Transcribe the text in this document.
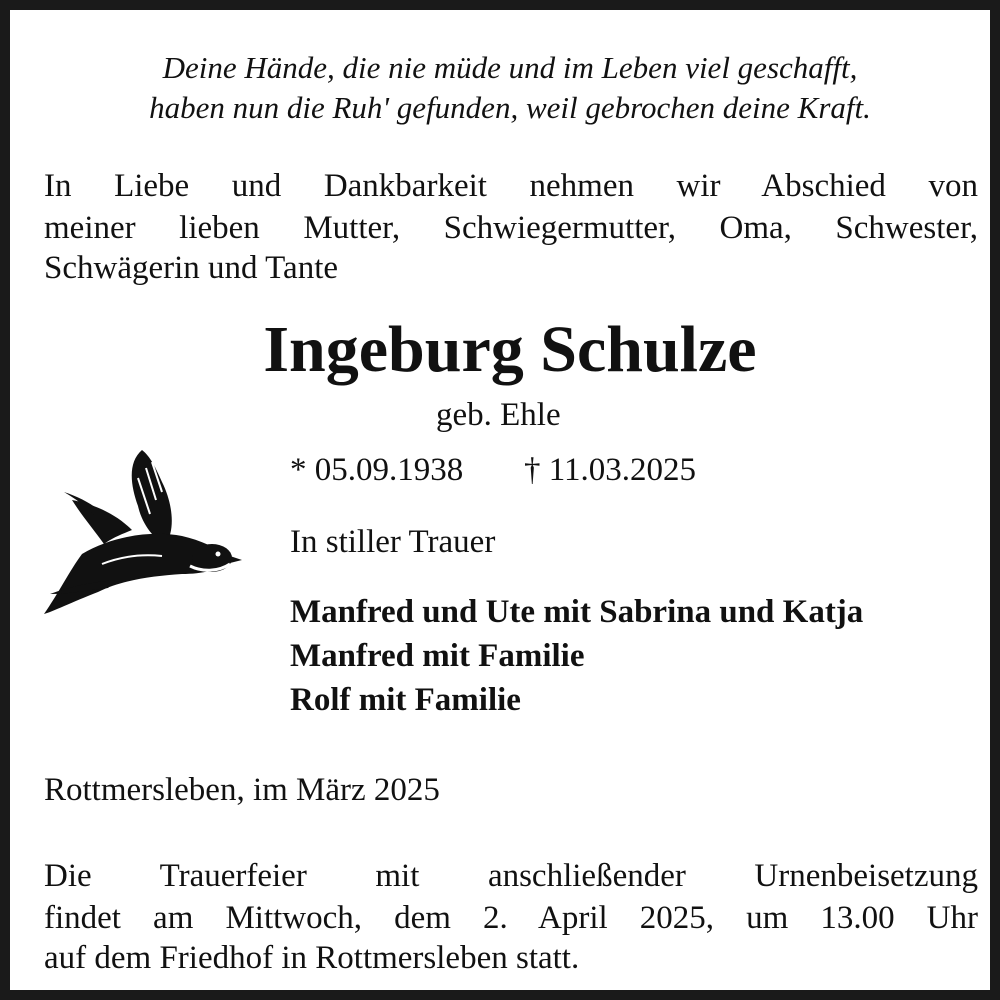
Deine Hände, die nie müde und im Leben viel geschafft,

haben nun die Ruh' gefunden, weil gebrochen deine Kraft.

In Liebe und Dankbarkeit nehmen wir Abschied von

meiner lieben Mutter, Schwiegermutter, Oma, Schwester,

Schwägerin und Tante

Ingeburg Schulze

geb. Ehle

* 05.09.1938 † 11.03.2025

In stiller Trauer

Manfred und Ute mit Sabrina und Katja

Manfred mit Familie

Rolf mit Familie

Rottmersleben, im März 2025

Die Trauerfeier mit anschließender Urnenbeisetzung

findet am Mittwoch, dem 2. April 2025, um 13.00 Uhr

auf dem Friedhof in Rottmersleben statt.
